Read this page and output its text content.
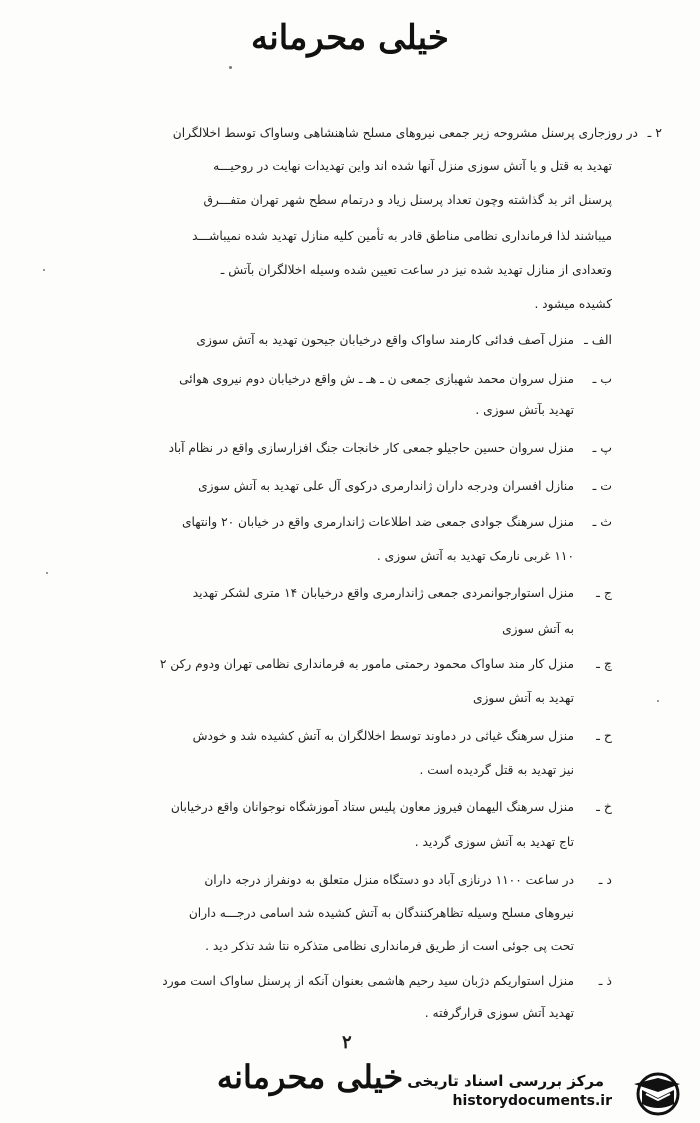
خیلی محرمانه
۲ ـ
در روزجاری پرسنل مشروحه زیر جمعی نیروهای مسلح شاهنشاهی وساواک توسط اخلالگران
تهدید به قتل و یا آتش سوزی منزل آنها شده اند واین تهدیدات نهایت در روحیـــه
پرسنل اثر بد گذاشته وچون تعداد پرسنل زیاد و درتمام سطح شهر تهران متفـــرق
میباشند لذا فرمانداری نظامی مناطق قادر به تأمین کلیه منازل تهدید شده نمیباشـــد
وتعدادی از منازل تهدید شده نیز در ساعت تعیین شده وسیله اخلالگران بآتش ـ
کشیده میشود .
الف ـ
منزل آصف فدائی کارمند ساواک واقع درخیابان جیحون تهدید به آتش سوزی
ب ـ
منزل سروان محمد شهبازی جمعی ن ـ هـ ـ ش واقع درخیابان دوم نیروی هوائی
تهدید بآتش سوزی .
پ ـ
منزل سروان حسین حاجیلو جمعی کار خانجات جنگ افزارسازی واقع در نظام آباد
ت ـ
منازل افسران ودرجه داران ژاندارمری درکوی آل علی تهدید به آتش سوزی
ث ـ
منزل سرهنگ جوادی جمعی ضد اطلاعات ژاندارمری واقع در خیابان ۲۰ وانتهای
۱۱۰ غربی نارمک تهدید به آتش سوزی .
ج ـ
منزل استوارجوانمردی جمعی ژاندارمری واقع درخیابان ۱۴ متری لشکر تهدید
به آتش سوزی
چ ـ
منزل کار مند ساواک محمود رحمتی مامور به فرمانداری نظامی تهران ودوم رکن ۲
تهدید به آتش سوزی
ح ـ
منزل سرهنگ غیاثی در دماوند توسط اخلالگران به آتش کشیده شد و خودش
نیز تهدید به قتل گردیده است .
خ ـ
منزل سرهنگ الیهمان فیروز معاون پلیس ستاد آموزشگاه نوجوانان واقع درخیابان
تاج تهدید به آتش سوزی گردید .
د ـ
در ساعت ۱۱۰۰ درنازی آباد دو دستگاه منزل متعلق به دونفراز درجه داران
نیروهای مسلح وسیله تظاهرکنندگان به آتش کشیده شد اسامی درجـــه داران
تحت پی جوئی است از طریق فرمانداری نظامی متذکره نتا شد تذکر دید .
ذ ـ
منزل استواریکم دژبان سید رحیم هاشمی بعنوان آنکه از پرسنل ساواک است مورد
تهدید آتش سوزی قرارگرفته .
۲
خیلی محرمانه مرکز بررسی اسناد تاریخی
historydocuments.ir
